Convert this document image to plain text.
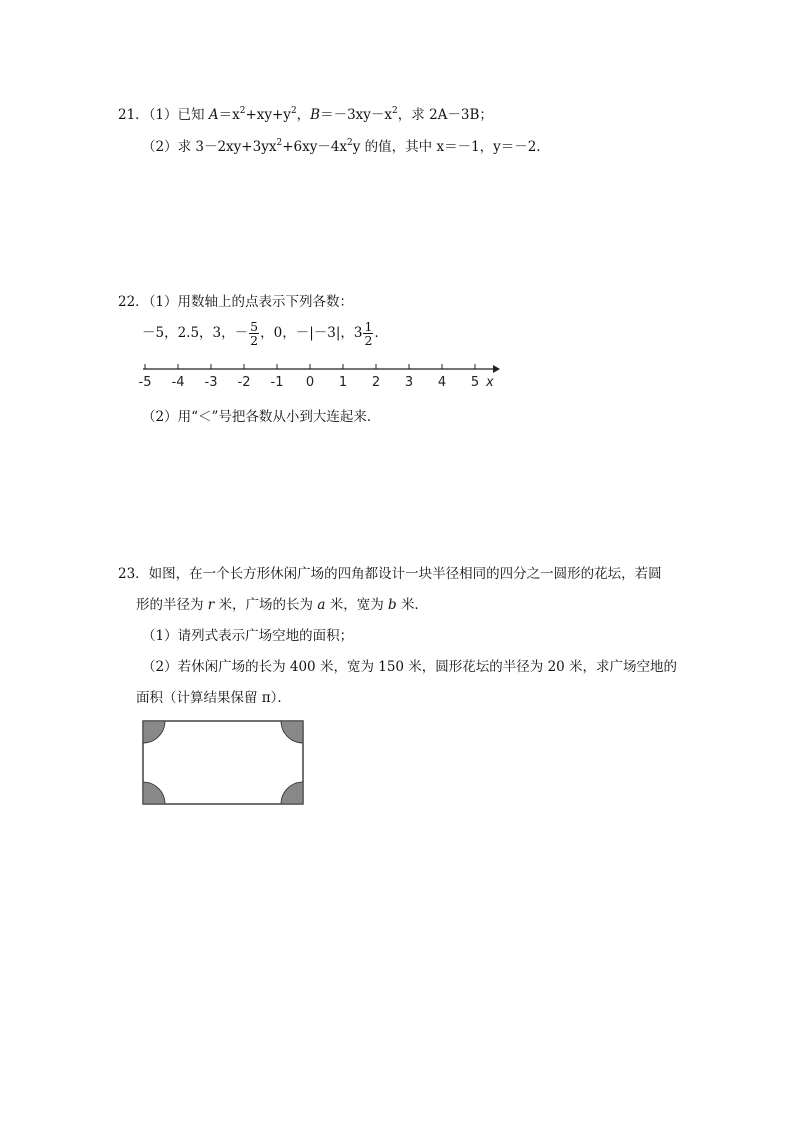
21．（1）已知 $A=x^2+xy+y^2$，$B=-3xy-x^2$，求 2A－3B；
（2）求 $3-2xy+3yx^2+6xy-4x^2y$ 的值，其中 x＝－1，y＝－2．
22．（1）用数轴上的点表示下列各数：
－5，2.5，3，－ $\frac{5}{2}$ ，0，－|－3|，$3 \frac{1}{2}$ ．
-5 -4 -3 -2 -1 0 1 2 3 4 5 x
（2）用“＜”号把各数从小到大连起来．
23．如图，在一个长方形休闲广场的四角都设计一块半径相同的四分之一圆形的花坛，若圆
形的半径为 r 米，广场的长为 a 米，宽为 b 米．
（1）请列式表示广场空地的面积；
（2）若休闲广场的长为 400 米，宽为 150 米，圆形花坛的半径为 20 米，求广场空地的
面积（计算结果保留 π）．
